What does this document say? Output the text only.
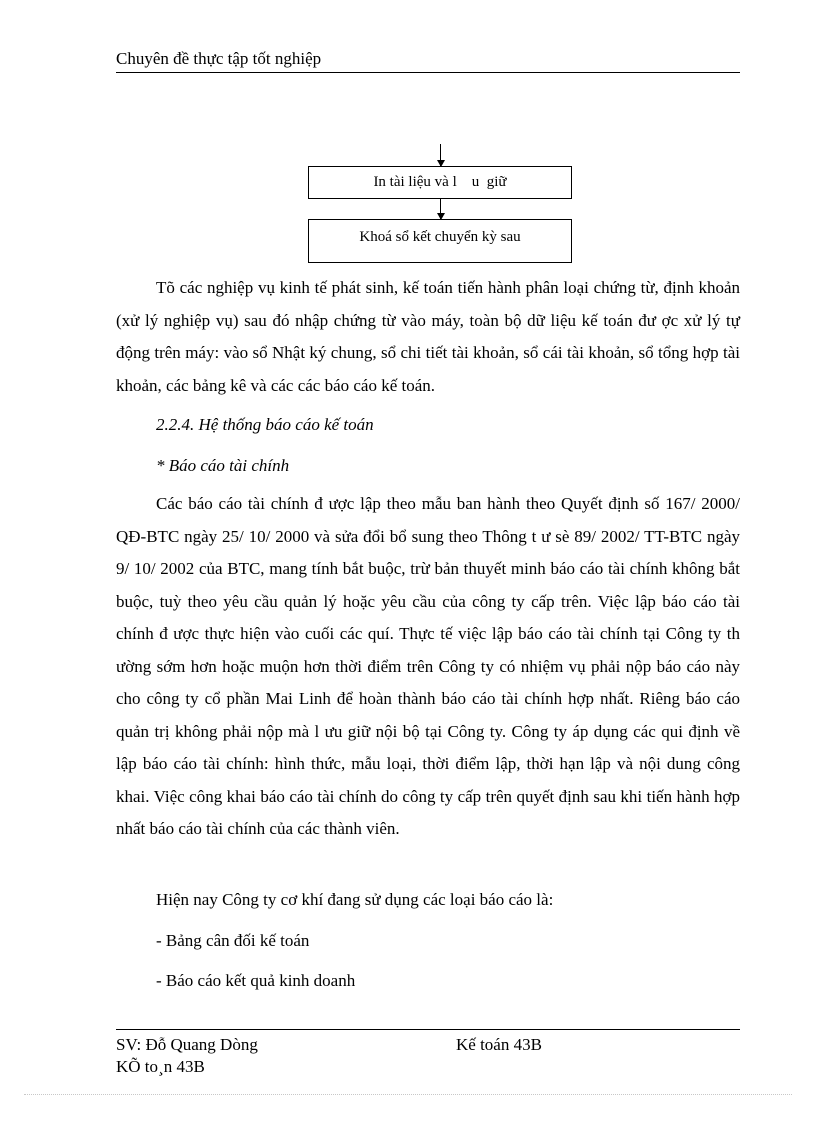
Chuyên đề thực tập tốt nghiệp
In tài liệu và l    u  giữ
Khoá sổ kết chuyển kỳ sau

Tõ các nghiệp vụ kinh tế phát sinh, kế toán tiến hành phân loại chứng từ, định khoản (xử lý nghiệp vụ) sau đó nhập chứng từ vào máy, toàn bộ dữ liệu kế toán đư ợc xử lý tự động trên máy: vào sổ Nhật ký chung, sổ chi tiết tài khoản, sổ cái tài khoản, sổ tổng hợp tài khoản, các bảng kê và các các báo cáo kế toán.

2.2.4. Hệ thống báo cáo kế toán
* Báo cáo tài chính

Các báo cáo tài chính đ ược lập theo mẫu ban hành theo Quyết định số 167/ 2000/ QĐ-BTC ngày 25/ 10/ 2000 và sửa đổi bổ sung theo Thông t ư sè 89/ 2002/ TT-BTC ngày 9/ 10/ 2002 của BTC, mang tính bắt buộc, trừ bản thuyết minh báo cáo tài chính không bắt buộc, tuỳ theo yêu cầu quản lý hoặc yêu cầu của công ty cấp trên. Việc lập báo cáo tài chính đ ược thực hiện vào cuối các quí. Thực tế việc lập báo cáo tài chính tại Công ty th ường sớm hơn hoặc muộn hơn thời điểm trên Công ty có nhiệm vụ phải nộp báo cáo này cho công ty cổ phần Mai Linh để hoàn thành báo cáo tài chính hợp nhất. Riêng báo cáo quản trị không phải nộp mà l ưu giữ nội bộ tại Công ty. Công ty áp dụng các qui định về lập báo cáo tài chính: hình thức, mẫu loại, thời điểm lập, thời hạn lập và nội dung công khai. Việc công khai báo cáo tài chính do công ty cấp trên quyết định sau khi tiến hành hợp nhất báo cáo tài chính của các thành viên.

Hiện nay Công ty cơ khí đang sử dụng các loại báo cáo là:
- Bảng cân đối kế toán
- Báo cáo kết quả kinh doanh
SV: Đỗ Quang Dòng	Kế toán 43B
KÕ to¸n 43B
